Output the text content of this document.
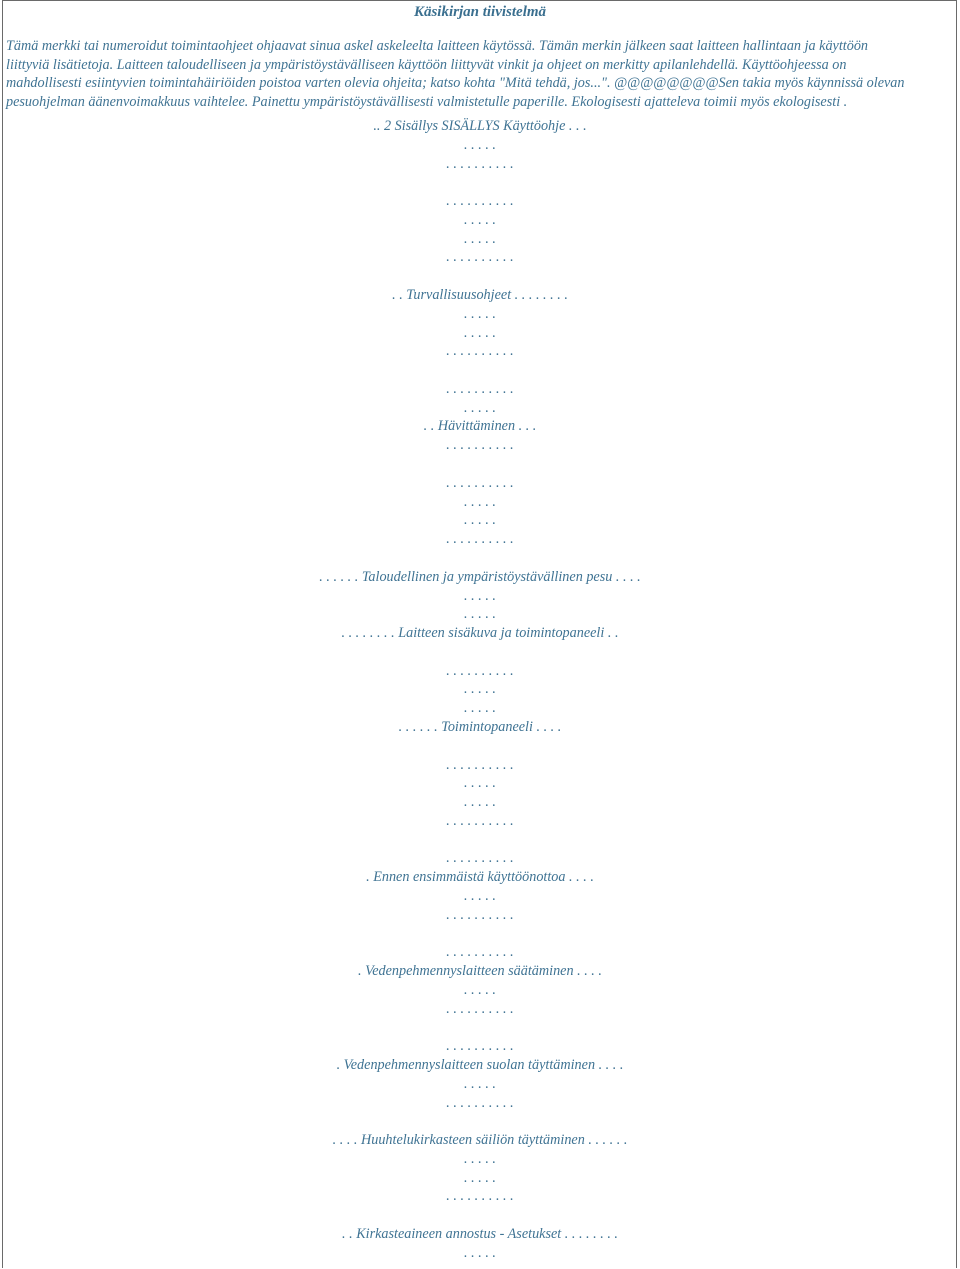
Käsikirjan tiivistelmä
Tämä merkki tai numeroidut toimintaohjeet ohjaavat sinua askel askeleelta laitteen käytössä. Tämän merkin jälkeen saat laitteen hallintaan ja käyttöön
liittyviä lisätietoja. Laitteen taloudelliseen ja ympäristöystävälliseen käyttöön liittyvät vinkit ja ohjeet on merkitty apilanlehdellä. Käyttöohjeessa on
mahdollisesti esiintyvien toimintahäiriöiden poistoa varten olevia ohjeita; katso kohta "Mitä tehdä, jos...". @@@@@@@@Sen takia myös käynnissä olevan
pesuohjelman äänenvoimakkuus vaihtelee. Painettu ympäristöystävällisesti valmistetulle paperille. Ekologisesti ajatteleva toimii myös ekologisesti .
.. 2 Sisällys SISÄLLYS Käyttöohje . . .
. . . . .
. . . . . . . . . .
. . . . . . . . . .
. . . . .
. . . . .
. . . . . . . . . .
. . Turvallisuusohjeet . . . . . . . .
. . . . .
. . . . .
. . . . . . . . . .
. . . . . . . . . .
. . . . .
. . Hävittäminen . . .
. . . . . . . . . .
. . . . . . . . . .
. . . . .
. . . . .
. . . . . . . . . .
. . . . . . Taloudellinen ja ympäristöystävällinen pesu . . . .
. . . . .
. . . . .
. . . . . . . . Laitteen sisäkuva ja toimintopaneeli . .
. . . . . . . . . .
. . . . .
. . . . .
. . . . . . Toimintopaneeli . . . .
. . . . . . . . . .
. . . . .
. . . . .
. . . . . . . . . .
. . . . . . . . . .
. Ennen ensimmäistä käyttöönottoa . . . .
. . . . .
. . . . . . . . . .
. . . . . . . . . .
. Vedenpehmennyslaitteen säätäminen . . . .
. . . . .
. . . . . . . . . .
. . . . . . . . . .
. Vedenpehmennyslaitteen suolan täyttäminen . . . .
. . . . .
. . . . . . . . . .
. . . . Huuhtelukirkasteen säiliön täyttäminen . . . . . .
. . . . .
. . . . .
. . . . . . . . . .
. . Kirkasteaineen annostus - Asetukset . . . . . . . .
. . . . .
